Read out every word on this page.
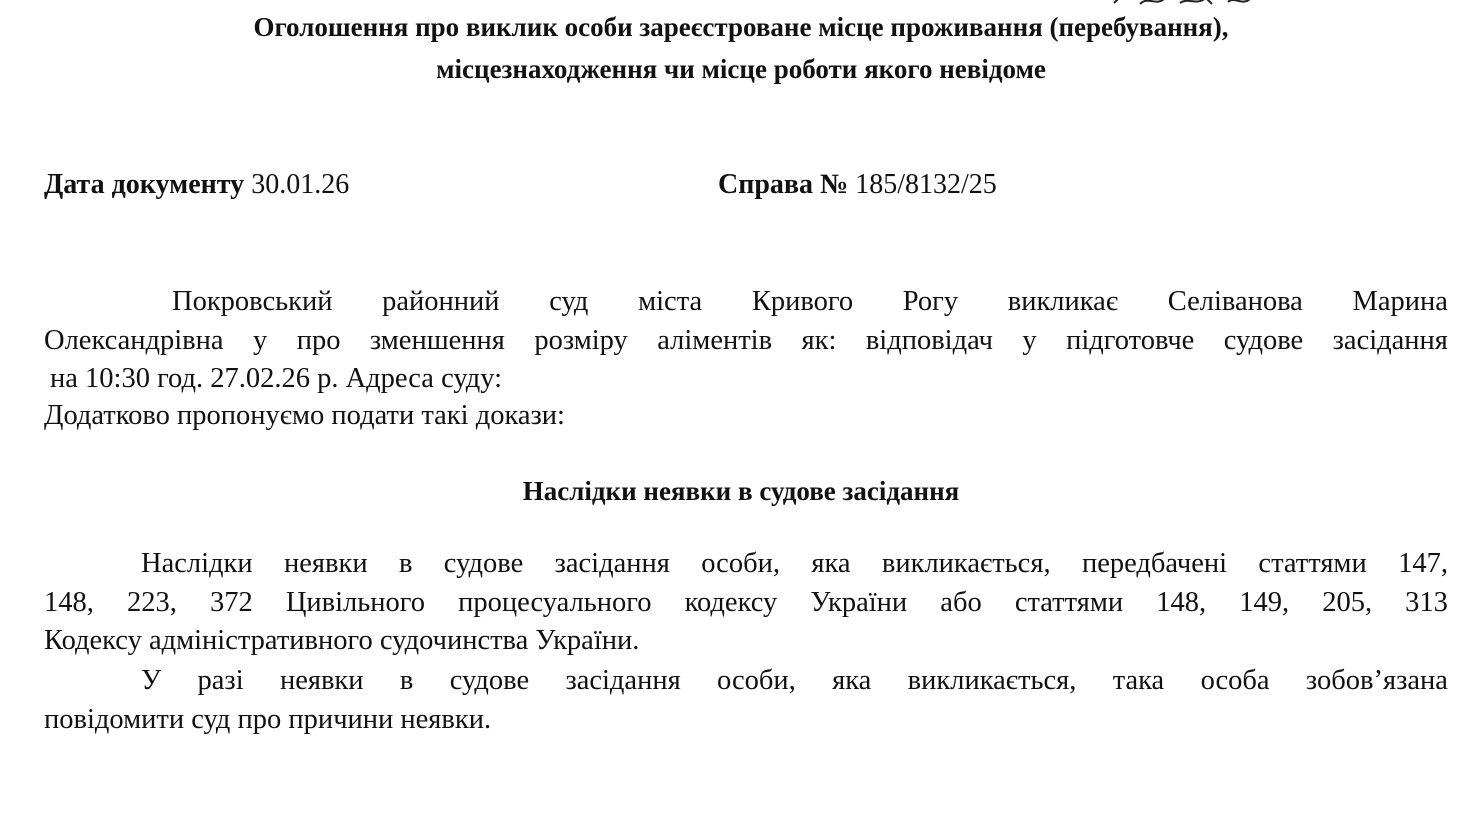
Оголошення про виклик особи зареєстроване місце проживання (перебування),
місцезнаходження чи місце роботи якого невідоме
Дата документу 30.01.26	Справа № 185/8132/25
Покровський районний суд міста Кривого Рогу викликає Селіванова Марина
Олександрівна у про зменшення розміру аліментів як: відповідач у підготовче судове засідання
на 10:30 год. 27.02.26 р. Адреса суду:
Додатково пропонуємо подати такі докази:
Наслідки неявки в судове засідання
Наслідки неявки в судове засідання особи, яка викликається, передбачені статтями 147,
148, 223, 372 Цивільного процесуального кодексу України або статтями 148, 149, 205, 313
Кодексу адміністративного судочинства України.
У разі неявки в судове засідання особи, яка викликається, така особа зобов’язана
повідомити суд про причини неявки.
